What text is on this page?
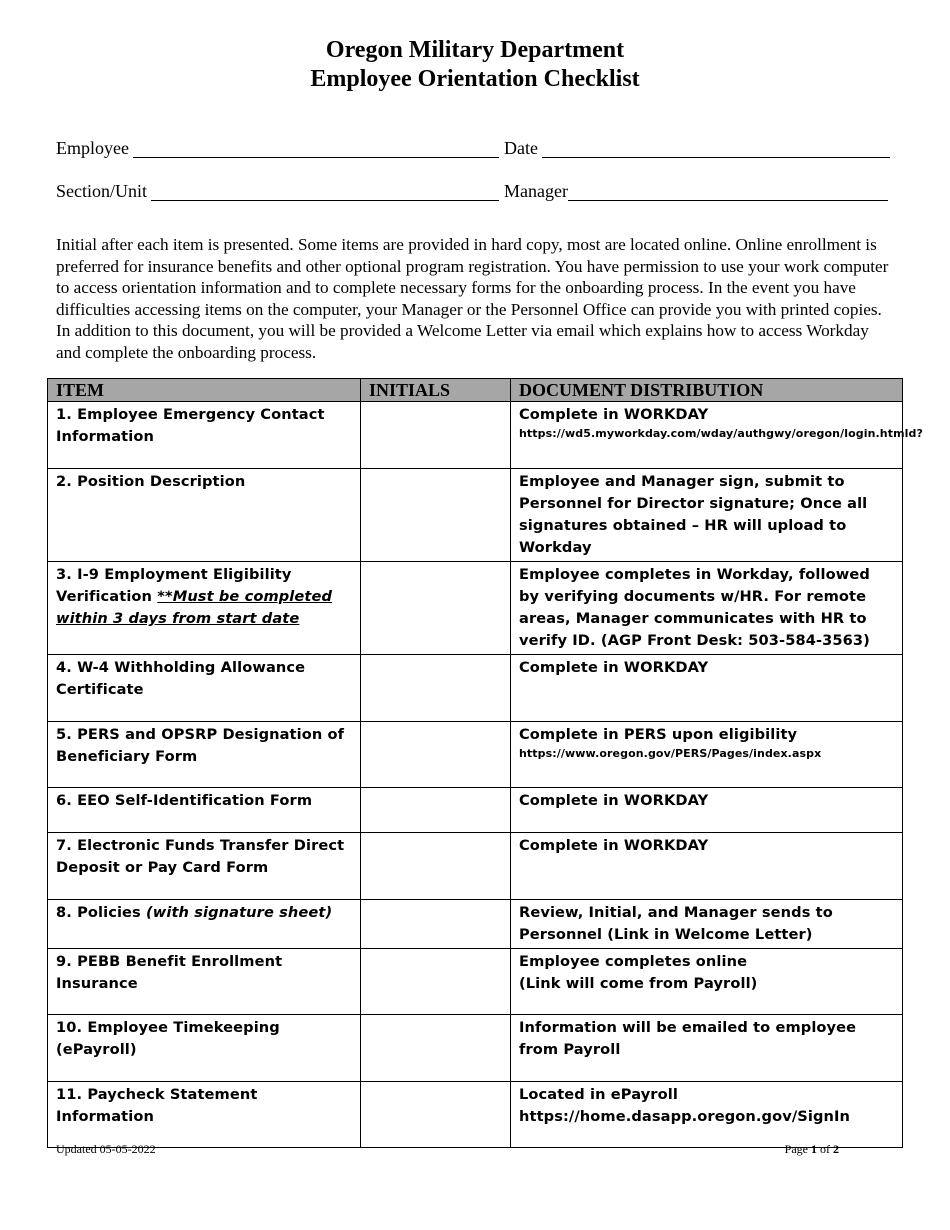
Oregon Military Department
Employee Orientation Checklist
Employee	Date
Section/Unit	Manager
Initial after each item is presented. Some items are provided in hard copy, most are located online. Online enrollment is preferred for insurance benefits and other optional program registration. You have permission to use your work computer to access orientation information and to complete necessary forms for the onboarding process. In the event you have difficulties accessing items on the computer, your Manager or the Personnel Office can provide you with printed copies. In addition to this document, you will be provided a Welcome Letter via email which explains how to access Workday and complete the onboarding process.
ITEM	INITIALS	DOCUMENT DISTRIBUTION
1. Employee Emergency Contact Information		Complete in WORKDAY
https://wd5.myworkday.com/wday/authgwy/oregon/login.htmld?

2. Position Description		Employee and Manager sign, submit to Personnel for Director signature; Once all signatures obtained – HR will upload to Workday
3. I-9 Employment Eligibility Verification **Must be completed within 3 days from start date		Employee completes in Workday, followed by verifying documents w/HR. For remote areas, Manager communicates with HR to verify ID. (AGP Front Desk: 503-584-3563)
4. W-4 Withholding Allowance Certificate		Complete in WORKDAY
5. PERS and OPSRP Designation of Beneficiary Form		Complete in PERS upon eligibility
https://www.oregon.gov/PERS/Pages/index.aspx

6. EEO Self-Identification Form		Complete in WORKDAY
7. Electronic Funds Transfer Direct Deposit or Pay Card Form		Complete in WORKDAY
8. Policies (with signature sheet)		Review, Initial, and Manager sends to Personnel (Link in Welcome Letter)
9. PEBB Benefit Enrollment Insurance		Employee completes online
(Link will come from Payroll)
10. Employee Timekeeping (ePayroll)		Information will be emailed to employee from Payroll
11. Paycheck Statement Information		Located in ePayroll
https://home.dasapp.oregon.gov/SignIn
Updated 05-05-2022	Page 1 of 2
